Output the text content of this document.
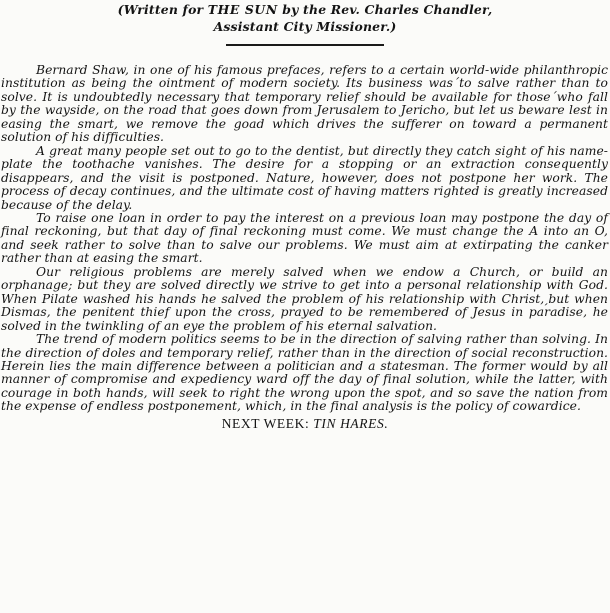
(Written for THE SUN by the Rev. Charles Chandler,
Assistant City Missioner.)

Bernard Shaw, in one of his famous prefaces, refers to a certain world-wide philanthropic institution as being the ointment of modern society. Its business was´to salve rather than to solve. It is undoubtedly necessary that temporary relief should be available for those´who fall by the wayside, on the road that goes down from Jerusalem to Jericho, but let us beware lest in easing the smart, we remove the goad which drives the sufferer on toward a permanent solution of his difficulties.

A great many people set out to go to the dentist, but directly they catch sight of his name-plate the toothache vanishes. The desire for a stopping or an extraction consequently disappears, and the visit is postponed. Nature, however, does not postpone her work. The process of decay continues, and the ultimate cost of having matters righted is greatly increased because of the delay.

To raise one loan in order to pay the interest on a previous loan may postpone the day of final reckoning, but that day of final reckoning must come. We must change the A into an O, and seek rather to solve than to salve our problems. We must aim at extirpating the canker rather than at easing the smart.

Our religious problems are merely salved when we endow a Church, or build an orphanage; but they are solved directly we strive to get into a personal relationship with God. When Pilate washed his hands he salved the problem of his relationship with Christ,ˏbut when Dismas, the penitent thief upon the cross, prayed to be remembered of Jesus in paradise, he solved in the twinkling of an eye the problem of his eternal salvation.

The trend of modern politics seems to be in the direction of salving rather than solving. In the direction of doles and temporary relief, rather than in the direction of social reconstruction. Herein lies the main difference between a politician and a statesman. The former would by all manner of compromise and expediency ward off the day of final solution, while the latter, with courage in both hands, will seek to right the wrong upon the spot, and so save the nation from the expense of endless postponement, which, in the final analysis is the policy of cowardice.

NEXT WEEK: TIN HARES.
